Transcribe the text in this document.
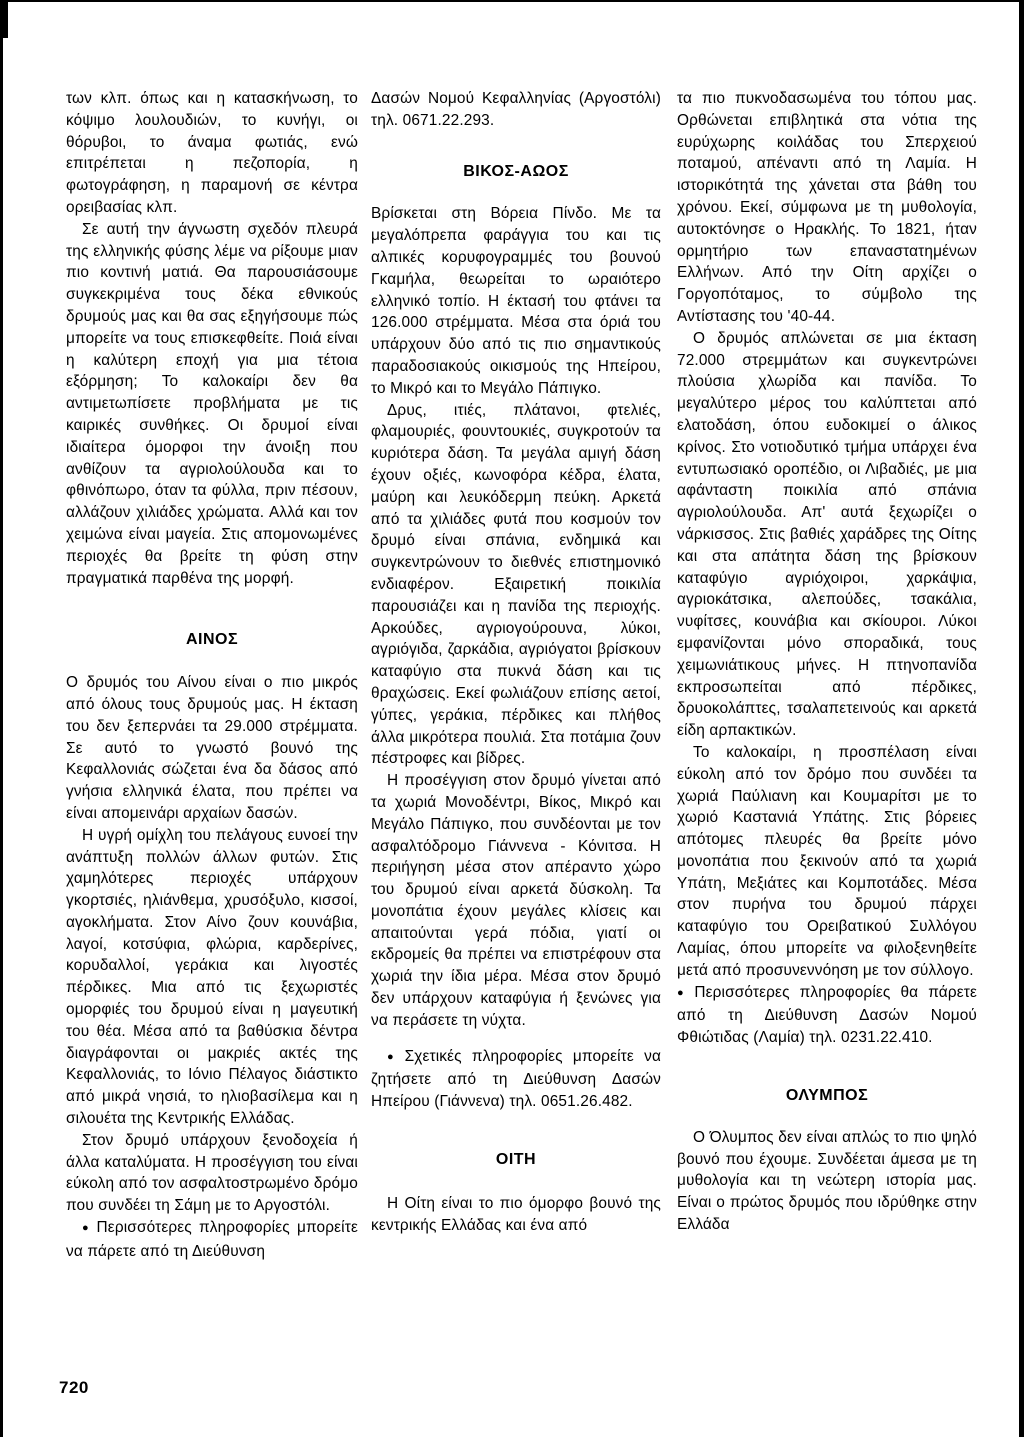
των κλπ. όπως και η κατασκήνωση, το κόψιμο λουλουδιών, το κυνήγι, οι θόρυβοι, το άναμα φωτιάς, ενώ επιτρέπεται η πεζοπορία, η φωτογράφηση, η παραμονή σε κέντρα ορειβασίας κλπ.

Σε αυτή την άγνωστη σχεδόν πλευρά της ελληνικής φύσης λέμε να ρίξουμε μιαν πιο κοντινή ματιά. Θα παρουσιάσουμε συγκεκριμένα τους δέκα εθνικούς δρυμούς μας και θα σας εξηγήσουμε πώς μπορείτε να τους επισκεφθείτε. Ποιά είναι η καλύτερη εποχή για μια τέτοια εξόρμηση; Το καλοκαίρι δεν θα αντιμετωπίσετε προβλήματα με τις καιρικές συνθήκες. Οι δρυμοί είναι ιδιαίτερα όμορφοι την άνοιξη που ανθίζουν τα αγριολούλουδα και το φθινόπωρο, όταν τα φύλλα, πριν πέσουν, αλλάζουν χιλιάδες χρώματα. Αλλά και τον χειμώνα είναι μαγεία. Στις απομονωμένες περιοχές θα βρείτε τη φύση στην πραγματικά παρθένα της μορφή.

ΑΙΝΟΣ

Ο δρυμός του Αίνου είναι ο πιο μικρός από όλους τους δρυμούς μας. Η έκταση του δεν ξεπερνάει τα 29.000 στρέμματα. Σε αυτό το γνωστό βουνό της Κεφαλλονιάς σώζεται ένα δα δάσος από γνήσια ελληνικά έλατα, που πρέπει να είναι απομεινάρι αρχαίων δασών.

Η υγρή ομίχλη του πελάγους ευνοεί την ανάπτυξη πολλών άλλων φυτών. Στις χαμηλότερες περιοχές υπάρχουν γκορτσιές, ηλιάνθεμα, χρυσόξυλο, κισσοί, αγοκλήματα. Στον Αίνο ζουν κουνάβια, λαγοί, κοτσύφια, φλώρια, καρδερίνες, κορυδαλλοί, γεράκια και λιγοστές πέρδικες. Μια από τις ξεχωριστές ομορφιές του δρυμού είναι η μαγευτική του θέα. Μέσα από τα βαθύσκια δέντρα διαγράφονται οι μακριές ακτές της Κεφαλλονιάς, το Ιόνιο Πέλαγος διάστικτο από μικρά νησιά, το ηλιοβασίλεμα και η σιλουέτα της Κεντρικής Ελλάδας.

Στον δρυμό υπάρχουν ξενοδοχεία ή άλλα καταλύματα. Η προσέγγιση του είναι εύκολη από τον ασφαλτοστρωμένο δρόμο που συνδέει τη Σάμη με το Αργοστόλι.

● Περισσότερες πληροφορίες μπορείτε να πάρετε από τη Διεύθυνση

Δασών Νομού Κεφαλληνίας (Αργοστόλι) τηλ. 0671.22.293.

ΒΙΚΟΣ-ΑΩΟΣ

Βρίσκεται στη Βόρεια Πίνδο. Με τα μεγαλόπρεπα φαράγγια του και τις αλπικές κορυφογραμμές του βουνού Γκαμήλα, θεωρείται το ωραιότερο ελληνικό τοπίο. Η έκτασή του φτάνει τα 126.000 στρέμματα. Μέσα στα όριά του υπάρχουν δύο από τις πιο σημαντικούς παραδοσιακούς οικισμούς της Ηπείρου, το Μικρό και το Μεγάλο Πάπιγκο.

Δρυς, ιτιές, πλάτανοι, φτελιές, φλαμουριές, φουντουκιές, συγκροτούν τα κυριότερα δάση. Τα μεγάλα αμιγή δάση έχουν οξιές, κωνοφόρα κέδρα, έλατα, μαύρη και λευκόδερμη πεύκη. Αρκετά από τα χιλιάδες φυτά που κοσμούν τον δρυμό είναι σπάνια, ενδημικά και συγκεντρώνουν το διεθνές επιστημονικό ενδιαφέρον. Εξαιρετική ποικιλία παρουσιάζει και η πανίδα της περιοχής. Αρκούδες, αγριογούρουνα, λύκοι, αγριόγιδα, ζαρκάδια, αγριόγατοι βρίσκουν καταφύγιο στα πυκνά δάση και τις θραχώσεις. Εκεί φωλιάζουν επίσης αετοί, γύπες, γεράκια, πέρδικες και πλήθος άλλα μικρότερα πουλιά. Στα ποτάμια ζουν πέστροφες και βίδρες.

Η προσέγγιση στον δρυμό γίνεται από τα χωριά Μονοδέντρι, Βίκος, Μικρό και Μεγάλο Πάπιγκο, που συνδέονται με τον ασφαλτόδρομο Γιάννενα - Κόνιτσα. Η περιήγηση μέσα στον απέραντο χώρο του δρυμού είναι αρκετά δύσκολη. Τα μονοπάτια έχουν μεγάλες κλίσεις και απαιτούνται γερά πόδια, γιατί οι εκδρομείς θα πρέπει να επιστρέφουν στα χωριά την ίδια μέρα. Μέσα στον δρυμό δεν υπάρχουν καταφύγια ή ξενώνες για να περάσετε τη νύχτα.

● Σχετικές πληροφορίες μπορείτε να ζητήσετε από τη Διεύθυνση Δασών Ηπείρου (Γιάννενα) τηλ. 0651.26.482.

ΟΙΤΗ

Η Οίτη είναι το πιο όμορφο βουνό της κεντρικής Ελλάδας και ένα από

τα πιο πυκνοδασωμένα του τόπου μας. Ορθώνεται επιβλητικά στα νότια της ευρύχωρης κοιλάδας του Σπερχειού ποταμού, απέναντι από τη Λαμία. Η ιστορικότητά της χάνεται στα βάθη του χρόνου. Εκεί, σύμφωνα με τη μυθολογία, αυτοκτόνησε ο Ηρακλής. Το 1821, ήταν ορμητήριο των επαναστατημένων Ελλήνων. Από την Οίτη αρχίζει ο Γοργοπόταμος, το σύμβολο της Αντίστασης του '40-44.

Ο δρυμός απλώνεται σε μια έκταση 72.000 στρεμμάτων και συγκεντρώνει πλούσια χλωρίδα και πανίδα. Το μεγαλύτερο μέρος του καλύπτεται από ελατοδάση, όπου ευδοκιμεί ο άλικος κρίνος. Στο νοτιοδυτικό τμήμα υπάρχει ένα εντυπωσιακό οροπέδιο, οι Λιβαδιές, με μια αφάνταστη ποικιλία από σπάνια αγριολούλουδα. Απ' αυτά ξεχωρίζει ο νάρκισσος. Στις βαθιές χαράδρες της Οίτης και στα απάτητα δάση της βρίσκουν καταφύγιο αγριόχοιροι, χαρκάψια, αγριοκάτσικα, αλεπούδες, τσακάλια, νυφίτσες, κουνάβια και σκίουροι. Λύκοι εμφανίζονται μόνο σποραδικά, τους χειμωνιάτικους μήνες. Η πτηνοπανίδα εκπροσωπείται από πέρδικες, δρυοκολάπτες, τσαλαπετεινούς και αρκετά είδη αρπακτικών.

Το καλοκαίρι, η προσπέλαση είναι εύκολη από τον δρόμο που συνδέει τα χωριά Παύλιανη και Κουμαρίτσι με το χωριό Καστανιά Υπάτης. Στις βόρειες απότομες πλευρές θα βρείτε μόνο μονοπάτια που ξεκινούν από τα χωριά Υπάτη, Μεξιάτες και Κομποτάδες. Μέσα στον πυρήνα του δρυμού πάρχει καταφύγιο του Ορειβατικού Συλλόγου Λαμίας, όπου μπορείτε να φιλοξενηθείτε μετά από προσυνεννόηση με τον σύλλογο.

● Περισσότερες πληροφορίες θα πάρετε από τη Διεύθυνση Δασών Νομού Φθιώτιδας (Λαμία) τηλ. 0231.22.410.

ΟΛΥΜΠΟΣ

Ο Όλυμπος δεν είναι απλώς το πιο ψηλό βουνό που έχουμε. Συνδέεται άμεσα με τη μυθολογία και τη νεώτερη ιστορία μας. Είναι ο πρώτος δρυμός που ιδρύθηκε στην Ελλάδα

720
